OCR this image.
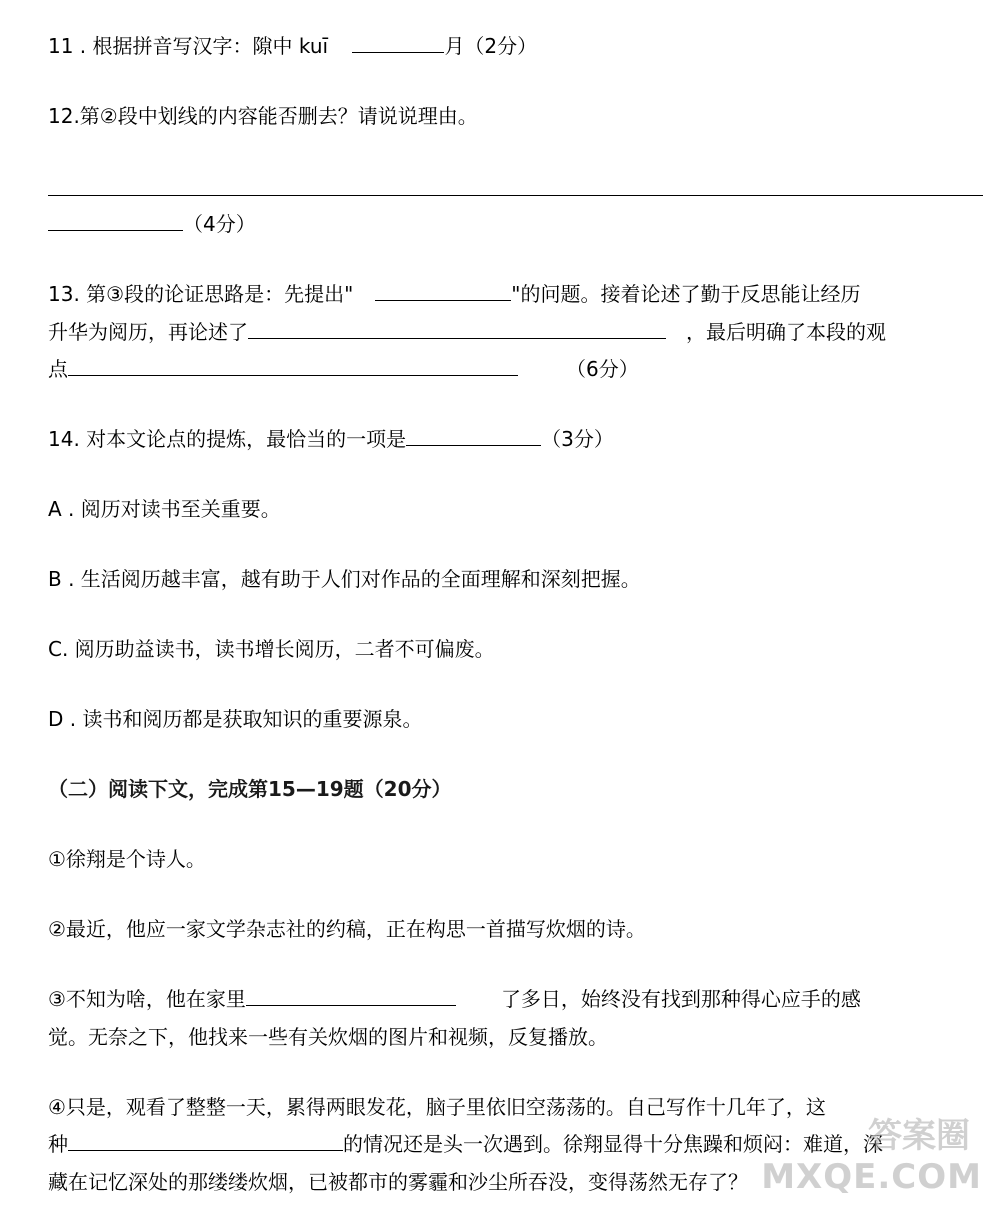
11 . 根据拼音写汉字：隙中 kuī	月（2分）
12.第②段中划线的内容能否删去？请说说理由。
（4分）
13. 第③段的论证思路是：先提出"	"的问题。接着论述了勤于反思能让经历
升华为阅历，再论述了	，最后明确了本段的观
点	（6分）
14. 对本文论点的提炼，最恰当的一项是	（3分）
A . 阅历对读书至关重要。
B . 生活阅历越丰富，越有助于人们对作品的全面理解和深刻把握。
C. 阅历助益读书，读书增长阅历，二者不可偏废。
D . 读书和阅历都是获取知识的重要源泉。
（二）阅读下文，完成第15—19题（20分）
①徐翔是个诗人。
②最近，他应一家文学杂志社的约稿，正在构思一首描写炊烟的诗。
③不知为啥，他在家里	了多日，始终没有找到那种得心应手的感
觉。无奈之下，他找来一些有关炊烟的图片和视频，反复播放。
④只是，观看了整整一天，累得两眼发花，脑子里依旧空荡荡的。自己写作十几年了，这
种	的情况还是头一次遇到。徐翔显得十分焦躁和烦闷：难道，深
藏在记忆深处的那缕缕炊烟，已被都市的雾霾和沙尘所吞没，变得荡然无存了？
答案圈
MXQE.COM
